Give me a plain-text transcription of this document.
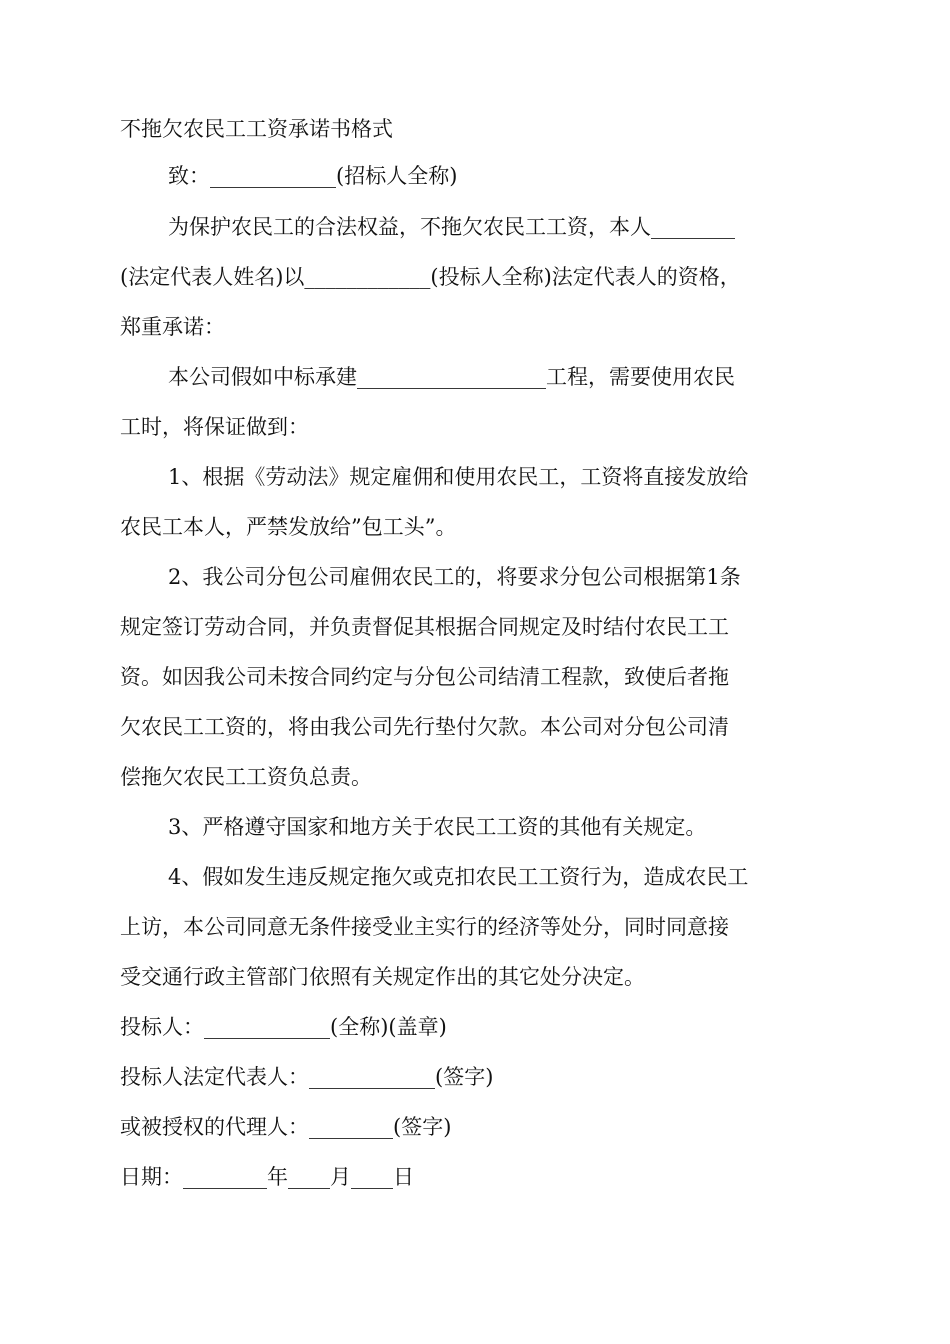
不拖欠农民工工资承诺书格式
致：____________(招标人全称)
为保护农民工的合法权益，不拖欠农民工工资，本人________
(法定代表人姓名)以____________(投标人全称)法定代表人的资格，
郑重承诺：
本公司假如中标承建__________________工程，需要使用农民
工时，将保证做到：
1、根据《劳动法》规定雇佣和使用农民工，工资将直接发放给
农民工本人，严禁发放给”包工头”。
2、我公司分包公司雇佣农民工的，将要求分包公司根据第1条
规定签订劳动合同，并负责督促其根据合同规定及时结付农民工工
资。如因我公司未按合同约定与分包公司结清工程款，致使后者拖
欠农民工工资的，将由我公司先行垫付欠款。本公司对分包公司清
偿拖欠农民工工资负总责。
3、严格遵守国家和地方关于农民工工资的其他有关规定。
4、假如发生违反规定拖欠或克扣农民工工资行为，造成农民工
上访，本公司同意无条件接受业主实行的经济等处分，同时同意接
受交通行政主管部门依照有关规定作出的其它处分决定。
投标人：____________(全称)(盖章)
投标人法定代表人：____________(签字)
或被授权的代理人：________(签字)
日期：________年____月____日
